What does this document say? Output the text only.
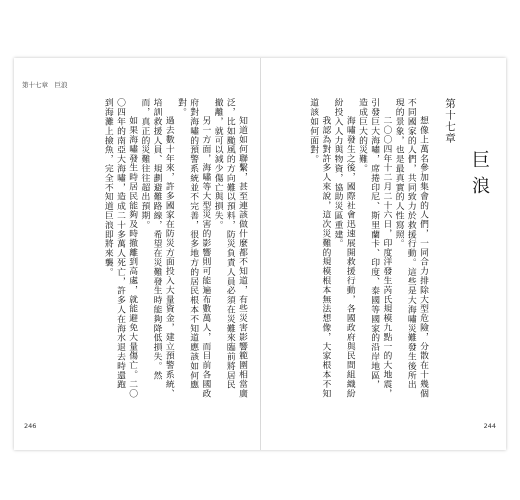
第十七章　巨浪

知道如何聯繫，甚至連該做什麼都不知道，有些災害影響範圍相當廣泛，比如颱風的方向難以預料，防災負責人員必須在災難來臨前將居民撤離，就可以減少傷亡與損失。

另一方面，海嘯等大型災害的影響則可能遍布數萬人，而目前各國政府對海嘯的預警系統並不完善，很多地方的居民根本不知道應該如何應對。

過去數十年來，許多國家在防災方面投入大量資金，建立預警系統、培訓救援人員、規劃避難路線，希望在災難發生時能夠降低損失。然而，真正的災難往往超出預期。

如果海嘯發生時居民能夠及時撤離到高處，就能避免大量傷亡。二〇〇四年的南亞大海嘯，造成二十多萬人死亡，許多人在海水退去時還跑到海灘上撿魚，完全不知道巨浪即將來襲。

246
第十七章
巨浪

想像上萬名參加集會的人們，一同合力排除大型危險，分散在十幾個不同國家的人們，共同致力於救援行動。這些是大海嘯災難發生後所出現的景象，也是最真實的人性寫照。

二〇〇四年十二月二十六日，印度洋發生芮氏規模九點一的大地震，引發巨大海嘯，席捲印尼、斯里蘭卡、印度、泰國等國家的沿岸地區，造成巨大的災難。

海嘯發生之後，國際社會迅速展開救援行動，各國政府與民間組織紛紛投入人力與物資，協助災區重建。

我認為對許多人來說，這次災難的規模根本無法想像，大家根本不知道該如何面對。

244
